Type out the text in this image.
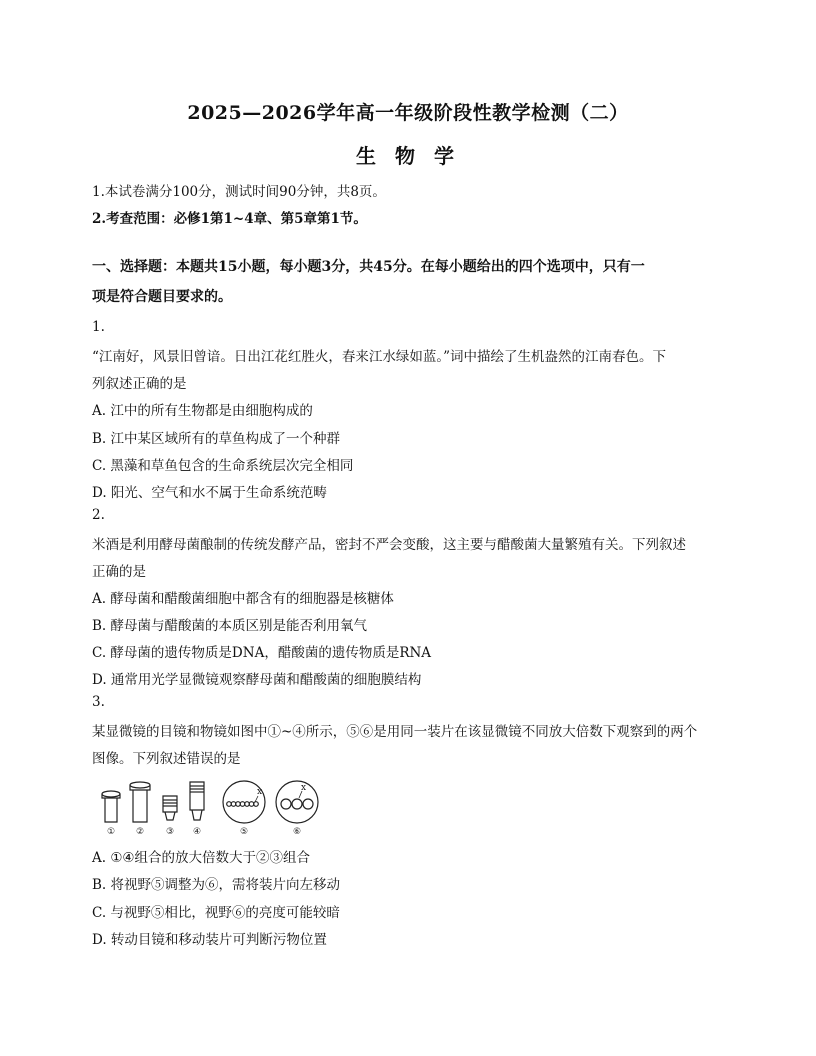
2025—2026学年高一年级阶段性教学检测（二）
生 物 学
1.本试卷满分100分，测试时间90分钟，共8页。
2.考查范围：必修1第1~4章、第5章第1节。
一、选择题：本题共15小题，每小题3分，共45分。在每小题给出的四个选项中，只有一
项是符合题目要求的。
1.
“江南好，风景旧曾谙。日出江花红胜火，春来江水绿如蓝。”词中描绘了生机盎然的江南春色。下
列叙述正确的是
A. 江中的所有生物都是由细胞构成的
B. 江中某区域所有的草鱼构成了一个种群
C. 黑藻和草鱼包含的生命系统层次完全相同
D. 阳光、空气和水不属于生命系统范畴
2.
米酒是利用酵母菌酿制的传统发酵产品，密封不严会变酸，这主要与醋酸菌大量繁殖有关。下列叙述
正确的是
A. 酵母菌和醋酸菌细胞中都含有的细胞器是核糖体
B. 酵母菌与醋酸菌的本质区别是能否利用氧气
C. 酵母菌的遗传物质是DNA，醋酸菌的遗传物质是RNA
D. 通常用光学显微镜观察酵母菌和醋酸菌的细胞膜结构
3.
某显微镜的目镜和物镜如图中①~④所示，⑤⑥是用同一装片在该显微镜不同放大倍数下观察到的两个
图像。下列叙述错误的是
x	x
① ② ③ ④	⑤	⑥
A. ①④组合的放大倍数大于②③组合
B. 将视野⑤调整为⑥，需将装片向左移动
C. 与视野⑤相比，视野⑥的亮度可能较暗
D. 转动目镜和移动装片可判断污物位置
